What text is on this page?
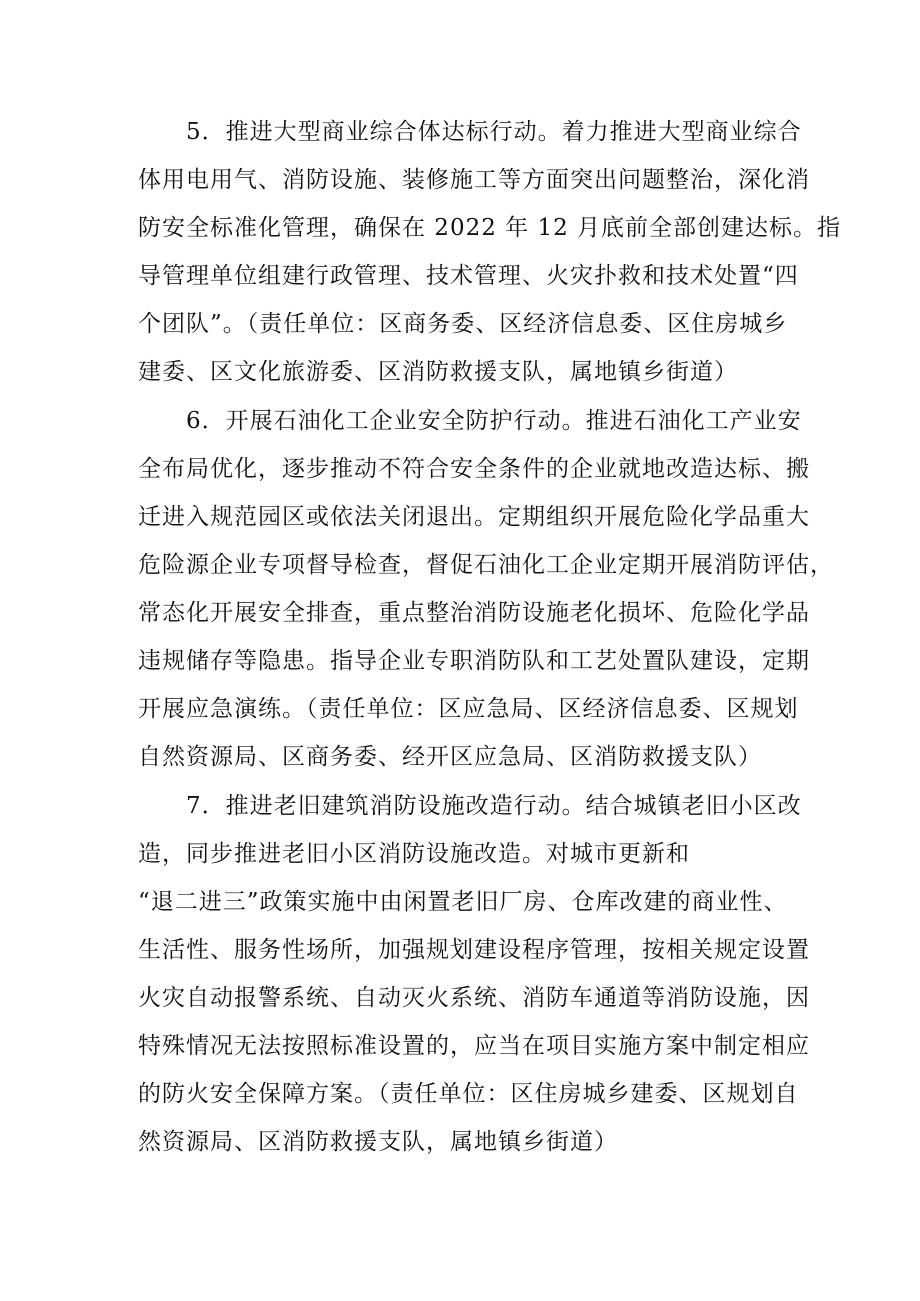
5．推进大型商业综合体达标行动。着力推进大型商业综合
体用电用气、消防设施、装修施工等方面突出问题整治，深化消
防安全标准化管理，确保在 2022 年 12 月底前全部创建达标。指
导管理单位组建行政管理、技术管理、火灾扑救和技术处置“四
个团队”。（责任单位：区商务委、区经济信息委、区住房城乡
建委、区文化旅游委、区消防救援支队，属地镇乡街道）
6．开展石油化工企业安全防护行动。推进石油化工产业安
全布局优化，逐步推动不符合安全条件的企业就地改造达标、搬
迁进入规范园区或依法关闭退出。定期组织开展危险化学品重大
危险源企业专项督导检查，督促石油化工企业定期开展消防评估，
常态化开展安全排查，重点整治消防设施老化损坏、危险化学品
违规储存等隐患。指导企业专职消防队和工艺处置队建设，定期
开展应急演练。（责任单位：区应急局、区经济信息委、区规划
自然资源局、区商务委、经开区应急局、区消防救援支队）
7．推进老旧建筑消防设施改造行动。结合城镇老旧小区改
造，同步推进老旧小区消防设施改造。对城市更新和
“退二进三”政策实施中由闲置老旧厂房、仓库改建的商业性、
生活性、服务性场所，加强规划建设程序管理，按相关规定设置
火灾自动报警系统、自动灭火系统、消防车通道等消防设施，因
特殊情况无法按照标准设置的，应当在项目实施方案中制定相应
的防火安全保障方案。（责任单位：区住房城乡建委、区规划自
然资源局、区消防救援支队，属地镇乡街道）
